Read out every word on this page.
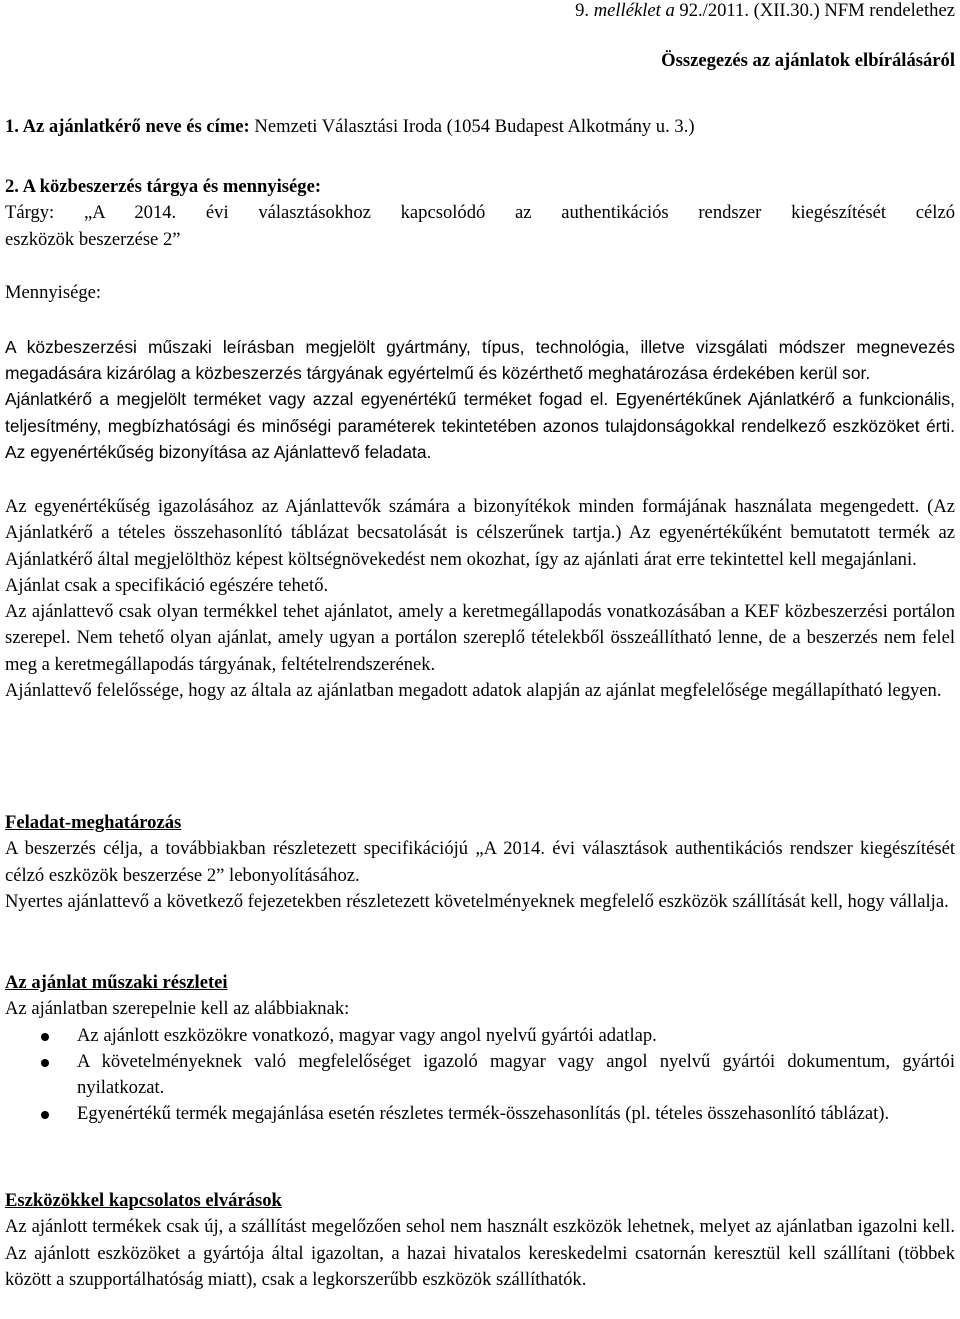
9. melléklet a 92./2011. (XII.30.) NFM rendelethez
Összegezés az ajánlatok elbírálásáról
1. Az ajánlatkérő neve és címe: Nemzeti Választási Iroda (1054 Budapest Alkotmány u. 3.)
2. A közbeszerzés tárgya és mennyisége:
Tárgy: „A 2014. évi választásokhoz kapcsolódó az authentikációs rendszer kiegészítését célzó
eszközök beszerzése 2”
Mennyisége:
A közbeszerzési műszaki leírásban megjelölt gyártmány, típus, technológia, illetve vizsgálati módszer megnevezés megadására kizárólag a közbeszerzés tárgyának egyértelmű és közérthető meghatározása érdekében kerül sor.
Ajánlatkérő a megjelölt terméket vagy azzal egyenértékű terméket fogad el. Egyenértékűnek Ajánlatkérő a funkcionális, teljesítmény, megbízhatósági és minőségi paraméterek tekintetében azonos tulajdonságokkal rendelkező eszközöket érti. Az egyenértékűség bizonyítása az Ajánlattevő feladata.
Az egyenértékűség igazolásához az Ajánlattevők számára a bizonyítékok minden formájának használata megengedett. (Az Ajánlatkérő a tételes összehasonlító táblázat becsatolását is célszerűnek tartja.) Az egyenértékűként bemutatott termék az Ajánlatkérő által megjelölthöz képest költségnövekedést nem okozhat, így az ajánlati árat erre tekintettel kell megajánlani.
Ajánlat csak a specifikáció egészére tehető.
Az ajánlattevő csak olyan termékkel tehet ajánlatot, amely a keretmegállapodás vonatkozásában a KEF közbeszerzési portálon szerepel. Nem tehető olyan ajánlat, amely ugyan a portálon szereplő tételekből összeállítható lenne, de a beszerzés nem felel meg a keretmegállapodás tárgyának, feltételrendszerének.
Ajánlattevő felelőssége, hogy az általa az ajánlatban megadott adatok alapján az ajánlat megfelelősége megállapítható legyen.
Feladat-meghatározás
A beszerzés célja, a továbbiakban részletezett specifikációjú „A 2014. évi választások authentikációs rendszer kiegészítését célzó eszközök beszerzése 2” lebonyolításához.
Nyertes ajánlattevő a következő fejezetekben részletezett követelményeknek megfelelő eszközök szállítását kell, hogy vállalja.
Az ajánlat műszaki részletei
Az ajánlatban szerepelnie kell az alábbiaknak:
Az ajánlott eszközökre vonatkozó, magyar vagy angol nyelvű gyártói adatlap.
A követelményeknek való megfelelőséget igazoló magyar vagy angol nyelvű gyártói dokumentum, gyártói nyilatkozat.
Egyenértékű termék megajánlása esetén részletes termék-összehasonlítás (pl. tételes összehasonlító táblázat).
Eszközökkel kapcsolatos elvárások
Az ajánlott termékek csak új, a szállítást megelőzően sehol nem használt eszközök lehetnek, melyet az ajánlatban igazolni kell. Az ajánlott eszközöket a gyártója által igazoltan, a hazai hivatalos kereskedelmi csatornán keresztül kell szállítani (többek között a szupportálhatóság miatt), csak a legkorszerűbb eszközök szállíthatók.
